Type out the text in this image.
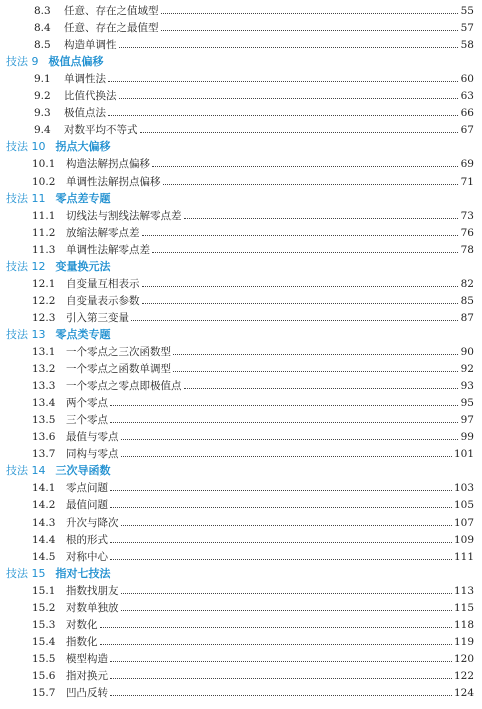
8.3	任意、存在之值域型	55
8.4	任意、存在之最值型	57
8.5	构造单调性	58
技法 9 极值点偏移
9.1	单调性法	60
9.2	比值代换法	63
9.3	极值点法	66
9.4	对数平均不等式	67
技法 10 拐点大偏移
10.1	构造法解拐点偏移	69
10.2	单调性法解拐点偏移	71
技法 11 零点差专题
11.1	切线法与割线法解零点差	73
11.2	放缩法解零点差	76
11.3	单调性法解零点差	78
技法 12 变量换元法
12.1	自变量互相表示	82
12.2	自变量表示参数	85
12.3	引入第三变量	87
技法 13 零点类专题
13.1	一个零点之三次函数型	90
13.2	一个零点之函数单调型	92
13.3	一个零点之零点即极值点	93
13.4	两个零点	95
13.5	三个零点	97
13.6	最值与零点	99
13.7	同构与零点	101
技法 14 三次导函数
14.1	零点问题	103
14.2	最值问题	105
14.3	升次与降次	107
14.4	根的形式	109
14.5	对称中心	111
技法 15 指对七技法
15.1	指数找朋友	113
15.2	对数单独放	115
15.3	对数化	118
15.4	指数化	119
15.5	模型构造	120
15.6	指对换元	122
15.7	凹凸反转	124
